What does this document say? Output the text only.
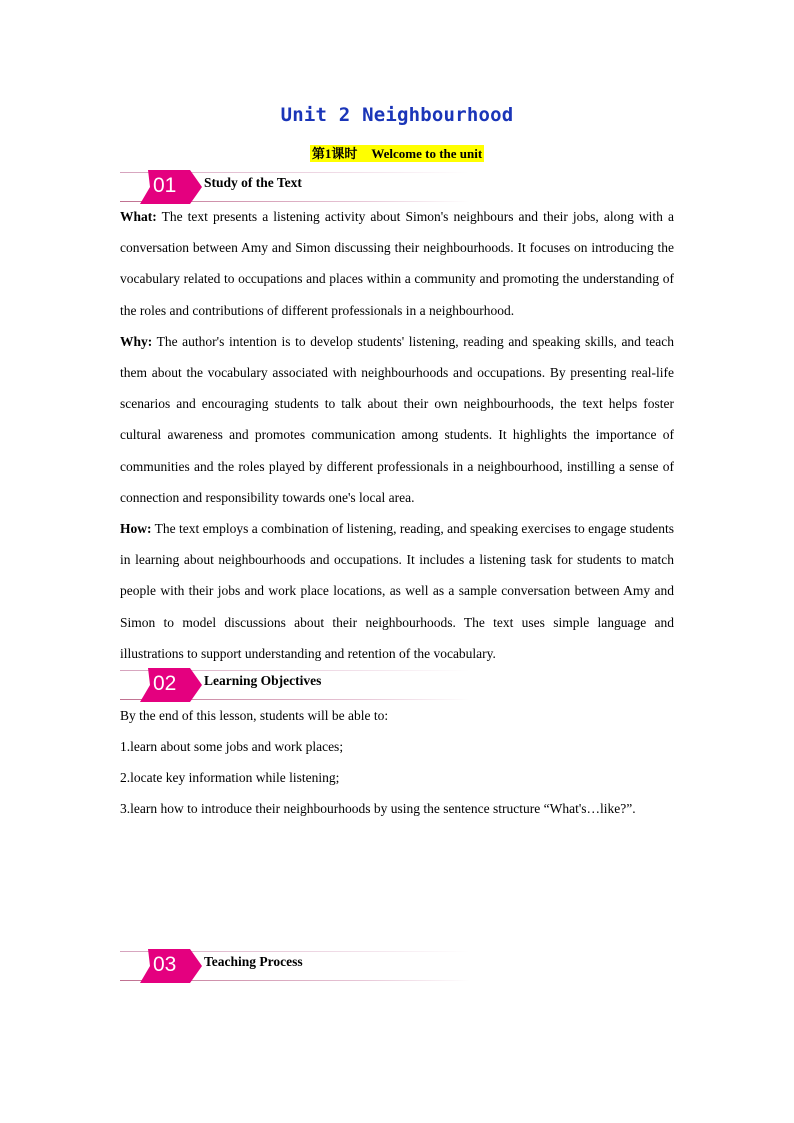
Unit 2 Neighbourhood
第1课时 Welcome to the unit
01	Study of the Text

What: The text presents a listening activity about Simon's neighbours and their jobs, along with a conversation between Amy and Simon discussing their neighbourhoods. It focuses on introducing the vocabulary related to occupations and places within a community and promoting the understanding of the roles and contributions of different professionals in a neighbourhood.

Why: The author's intention is to develop students' listening, reading and speaking skills, and teach them about the vocabulary associated with neighbourhoods and occupations. By presenting real-life scenarios and encouraging students to talk about their own neighbourhoods, the text helps foster cultural awareness and promotes communication among students. It highlights the importance of communities and the roles played by different professionals in a neighbourhood, instilling a sense of connection and responsibility towards one's local area.

How: The text employs a combination of listening, reading, and speaking exercises to engage students in learning about neighbourhoods and occupations. It includes a listening task for students to match people with their jobs and work place locations, as well as a sample conversation between Amy and Simon to model discussions about their neighbourhoods. The text uses simple language and illustrations to support understanding and retention of the vocabulary.

02	Learning Objectives

By the end of this lesson, students will be able to:

1.learn about some jobs and work places;

2.locate key information while listening;

3.learn how to introduce their neighbourhoods by using the sentence structure “What's…like?”.

03	Teaching Process
